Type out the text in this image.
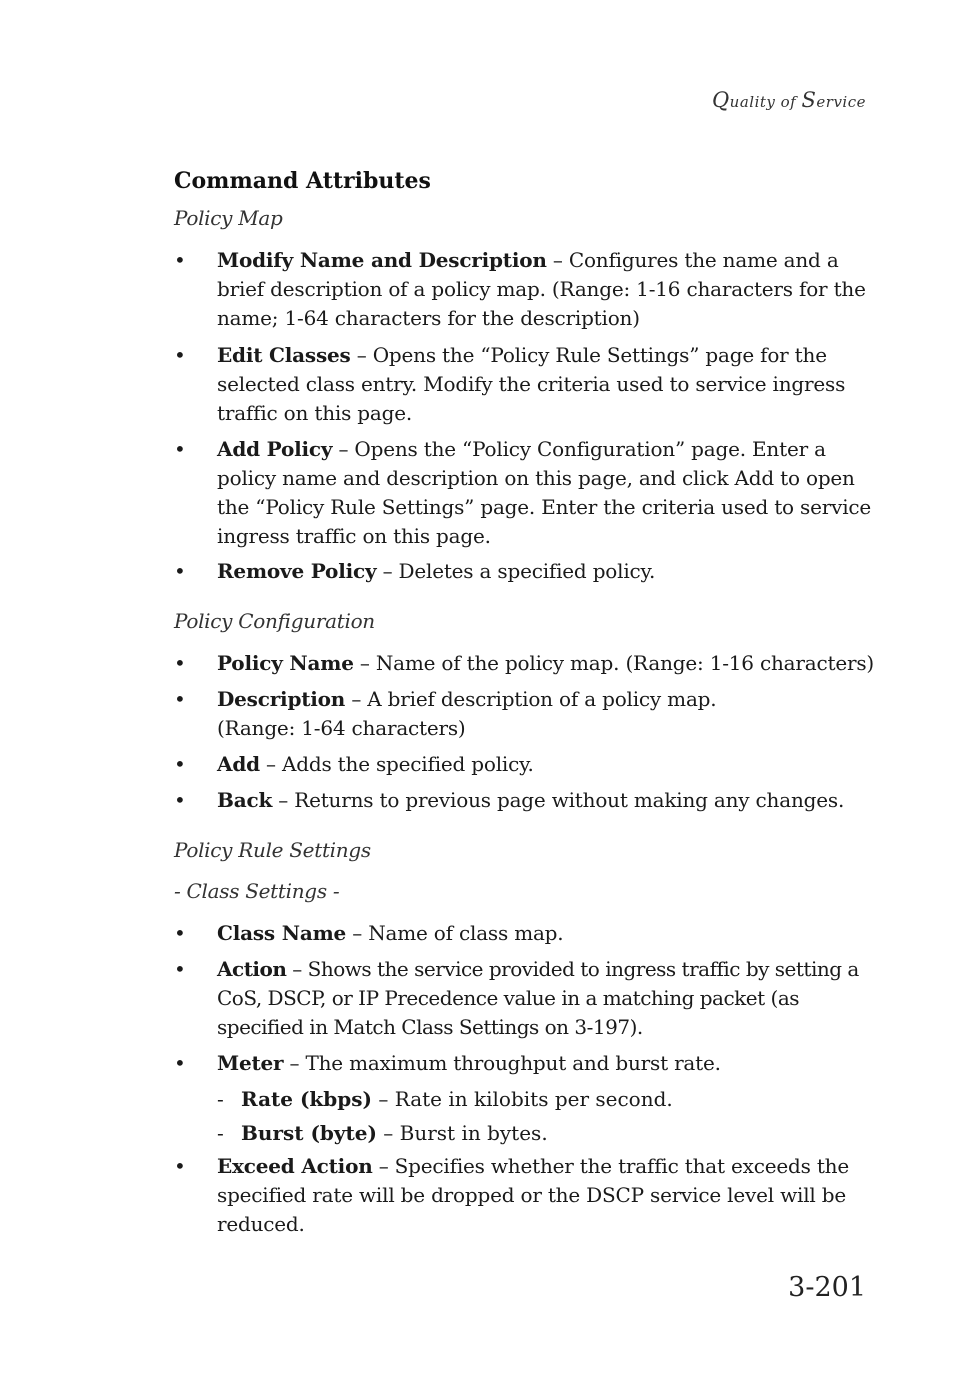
Quality of Service
Command Attributes
Policy Map
•	Modify Name and Description – Configures the name and a brief description of a policy map. (Range: 1-16 characters for the name; 1-64 characters for the description)
•	Edit Classes – Opens the “Policy Rule Settings” page for the selected class entry. Modify the criteria used to service ingress traffic on this page.
•	Add Policy – Opens the “Policy Configuration” page. Enter a policy name and description on this page, and click Add to open the “Policy Rule Settings” page. Enter the criteria used to service ingress traffic on this page.
•	Remove Policy – Deletes a specified policy.
Policy Configuration
•	Policy Name – Name of the policy map. (Range: 1-16 characters)
•	Description – A brief description of a policy map.
(Range: 1-64 characters)
•	Add – Adds the specified policy.
•	Back – Returns to previous page without making any changes.
Policy Rule Settings
- Class Settings -
•	Class Name – Name of class map.
•	Action – Shows the service provided to ingress traffic by setting a CoS, DSCP, or IP Precedence value in a matching packet (as specified in Match Class Settings on 3-197).
•	Meter – The maximum throughput and burst rate.
- Rate (kbps) – Rate in kilobits per second.
- Burst (byte) – Burst in bytes.
•	Exceed Action – Specifies whether the traffic that exceeds the specified rate will be dropped or the DSCP service level will be reduced.
3-201
